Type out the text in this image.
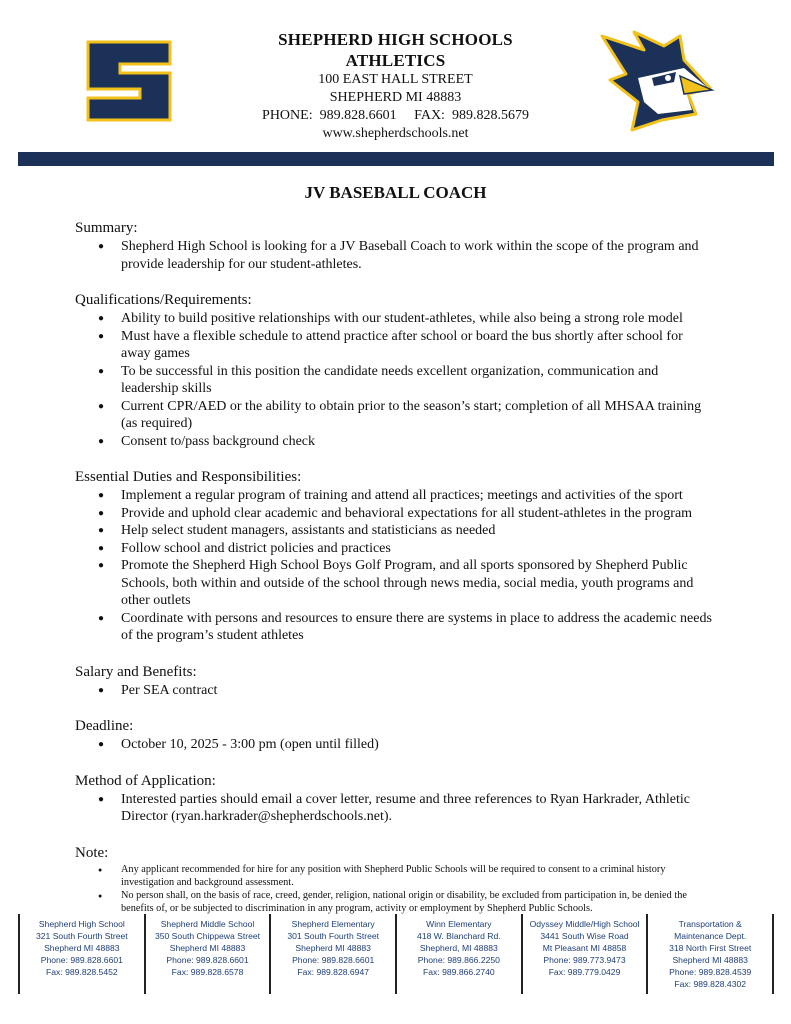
SHEPHERD HIGH SCHOOLS
ATHLETICS
100 EAST HALL STREET
SHEPHERD MI 48883
PHONE:  989.828.6601     FAX:  989.828.5679
www.shepherdschools.net
JV BASEBALL COACH
Summary:
● Shepherd High School is looking for a JV Baseball Coach to work within the scope of the program and provide leadership for our student-athletes.
Qualifications/Requirements:
● Ability to build positive relationships with our student-athletes, while also being a strong role model
● Must have a flexible schedule to attend practice after school or board the bus shortly after school for away games
● To be successful in this position the candidate needs excellent organization, communication and leadership skills
● Current CPR/AED or the ability to obtain prior to the season’s start; completion of all MHSAA training (as required)
● Consent to/pass background check
Essential Duties and Responsibilities:
● Implement a regular program of training and attend all practices; meetings and activities of the sport
● Provide and uphold clear academic and behavioral expectations for all student-athletes in the program
● Help select student managers, assistants and statisticians as needed
● Follow school and district policies and practices
● Promote the Shepherd High School Boys Golf Program, and all sports sponsored by Shepherd Public Schools, both within and outside of the school through news media, social media, youth programs and other outlets
● Coordinate with persons and resources to ensure there are systems in place to address the academic needs of the program’s student athletes
Salary and Benefits:
● Per SEA contract
Deadline:
● October 10, 2025 - 3:00 pm (open until filled)
Method of Application:
● Interested parties should email a cover letter, resume and three references to Ryan Harkrader, Athletic Director (ryan.harkrader@shepherdschools.net).
Note:
● Any applicant recommended for hire for any position with Shepherd Public Schools will be required to consent to a criminal history investigation and background assessment.
● No person shall, on the basis of race, creed, gender, religion, national origin or disability, be excluded from participation in, be denied the benefits of, or be subjected to discrimination in any program, activity or employment by Shepherd Public Schools.
Shepherd High School
321 South Fourth Street
Shepherd MI 48883
Phone: 989.828.6601
Fax: 989.828.5452
Shepherd Middle School
350 South Chippewa Street
Shepherd MI 48883
Phone: 989.828.6601
Fax: 989.828.6578
Shepherd Elementary
301 South Fourth Street
Shepherd MI 48883
Phone: 989.828.6601
Fax: 989.828.6947
Winn Elementary
418 W. Blanchard Rd.
Shepherd, MI 48883
Phone: 989.866.2250
Fax: 989.866.2740
Odyssey Middle/High School
3441 South Wise Road
Mt Pleasant MI 48858
Phone: 989.773.9473
Fax: 989.779.0429
Transportation &
Maintenance Dept.
318 North First Street
Shepherd MI 48883
Phone: 989.828.4539
Fax: 989.828.4302
